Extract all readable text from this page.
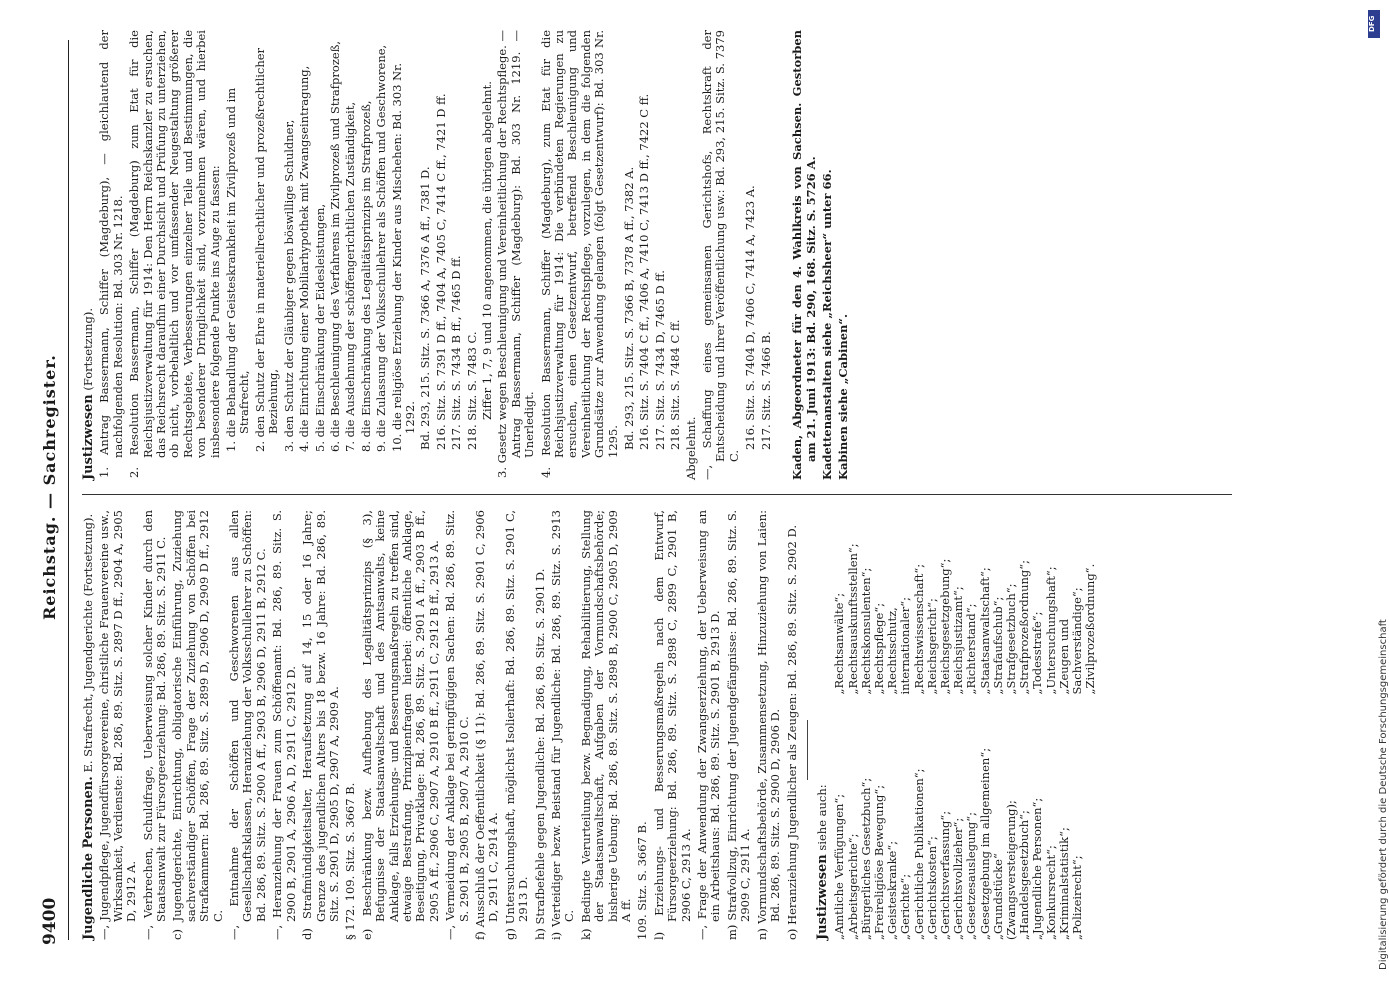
9400
Reichstag. — Sachregister.
Jugendliche Personen. E. Strafrecht, Jugendgerichte (Fortsetzung). —, Jugendpflege, Jugendfürsorgevereine, christliche Frauenvereine usw., Wirksamkeit, Verdienste: Bd. 286, 89. Sitz. S. 2897 D ff., 2904 A, 2905 D, 2912 A. —, Verbrechen, Schuldfrage, Ueberweisung solcher Kinder durch den Staatsanwalt zur Fürsorgeerziehung: Bd. 286, 89. Sitz. S. 2911 C. c) Jugendgerichte, Einrichtung, obligatorische Einführung, Zuziehung sachverständiger Schöffen, Frage der Zuziehung von Schöffen bei Strafkammern: Bd. 286, 89. Sitz. S. 2899 D, 2906 D, 2909 D ff., 2912 C. —, Entnahme der Schöffen und Geschworenen aus allen Gesellschaftsklassen, Heranziehung der Volksschullehrer zu Schöffen: Bd. 286, 89. Sitz. S. 2900 A ff., 2903 B, 2906 D, 2911 B, 2912 C. —, Heranziehung der Frauen zum Schöffenamt: Bd. 286, 89. Sitz. S. 2900 B, 2901 A, 2906 A, D, 2911 C, 2912 D. d) Strafmündigkeitsalter, Heraufsetzung auf 14, 15 oder 16 Jahre; Grenze des jugendlichen Alters bis 18 bezw. 16 Jahre: Bd. 286, 89. Sitz. S. 2901 D, 2905 D, 2907 A, 2909 A. § 172. 109. Sitz. S. 3667 B. e) Beschränkung bezw. Aufhebung des Legalitätsprinzips (§ 3), Befugnisse der Staatsanwaltschaft und des Amtsanwalts, keine Anklage, falls Erziehungs- und Besserungsmaßregeln zu treffen sind, etwaige Bestrafung, Prinzipienfragen hierbei: öffentliche Anklage, Beseitigung, Privatklage: Bd. 286, 89. Sitz. S. 2901 A ff., 2903 B ff., 2905 A ff., 2906 C, 2907 A, 2910 B ff., 2911 C, 2912 B ff., 2913 A. —, Vermeidung der Anklage bei geringfügigen Sachen: Bd. 286, 89. Sitz. S. 2901 B, 2905 B, 2907 A, 2910 C. f) Ausschluß der Oeffentlichkeit (§ 11): Bd. 286, 89. Sitz. S. 2901 C, 2906 D, 2911 C, 2914 A. g) Untersuchungshaft, möglichst Isolierhaft: Bd. 286, 89. Sitz. S. 2901 C, 2913 D. h) Strafbefehle gegen Jugendliche: Bd. 286, 89. Sitz. S. 2901 D. i) Verteidiger bezw. Beistand für Jugendliche: Bd. 286, 89. Sitz. S. 2913 C. k) Bedingte Verurteilung bezw. Begnadigung, Rehabilitierung, Stellung der Staatsanwaltschaft, Aufgaben der Vormundschaftsbehörde; bisherige Uebung: Bd. 286, 89. Sitz. S. 2898 B, 2900 C, 2905 D, 2909 A ff. 109. Sitz. S. 3667 B. l) Erziehungs- und Besserungsmaßregeln nach dem Entwurf, Fürsorgeerziehung: Bd. 286, 89. Sitz. S. 2898 C, 2899 C, 2901 B, 2906 C, 2913 A. —, Frage der Anwendung der Zwangserziehung, der Ueberweisung an ein Arbeitshaus: Bd. 286, 89. Sitz. S. 2901 B, 2913 D. m) Strafvollzug, Einrichtung der Jugendgefängnisse: Bd. 286, 89. Sitz. S. 2909 C, 2911 A. n) Vormundschaftsbehörde, Zusammensetzung, Hinzuziehung von Laien: Bd. 286, 89. Sitz. S. 2900 D, 2906 D. o) Heranziehung Jugendlicher als Zeugen: Bd. 286, 89. Sitz. S. 2902 D. Justizwesen siehe auch: „Amtliche Verfügungen“; „Arbeitsgerichte“; „Bürgerliches Gesetzbuch“; „Freireligiöse Bewegung“; „Geisteskranke“; „Gerichte“; „Gerichtliche Publikationen“; „Gerichtskosten“; „Gerichtsverfassung“; „Gerichtsvollzieher“; „Gesetzesauslegung“; „Gesetzgebung im allgemeinen“; „Grundstücke“ (Zwangsversteigerung); „Handelsgesetzbuch“; „Jugendliche Personen“; „Konkursrecht“; „Kriminalstatistik“; „Polizeirecht“;
„Rechtsanwälte“; „Rechtsauskunftsstellen“; „Rechtskonsulenten“; „Rechtspflege“; „Rechtsschutz, internationaler“; „Rechtswissenschaft“; „Reichsgericht“; „Reichsgesetzgebung“; „Reichsjustizamt“; „Richterstand“; „Staatsanwaltschaft“; „Strafaufschub“; „Strafgesetzbuch“; „Strafprozeßordnung“; „Todesstrafe“; „Untersuchungshaft“; „Zeugen und Sachverständige“; „Zivilprozeßordnung“.
Justizwesen (Fortsetzung).
1. Antrag Bassermann, Schiffer (Magdeburg), — gleichlautend der nachfolgenden Resolution: Bd. 303 Nr. 1218.
2. Resolution Bassermann, Schiffer (Magdeburg) zum Etat für die Reichsjustizverwaltung für 1914: Den Herrn Reichskanzler zu ersuchen, das Reichsrecht daraufhin einer Durchsicht und Prüfung zu unterziehen, ob nicht, vorbehaltlich und vor umfassender Neugestaltung größerer Rechtsgebiete, Verbesserungen einzelner Teile und Bestimmungen, die von besonderer Dringlichkeit sind, vorzunehmen wären, und hierbei insbesondere folgende Punkte ins Auge zu fassen: 1. die Behandlung der Geisteskrankheit im Zivilprozeß und im Strafrecht, 2. den Schutz der Ehre in materiellrechtlicher und prozeßrechtlicher Beziehung, 3. den Schutz der Gläubiger gegen böswillige Schuldner, 4. die Einrichtung einer Mobiliarhypothek mit Zwangseintragung, 5. die Einschränkung der Eidesleistungen, 6. die Beschleunigung des Verfahrens im Zivilprozeß und Strafprozeß, 7. die Ausdehnung der schöffengerichtlichen Zuständigkeit, 8. die Einschränkung des Legalitätsprinzips im Strafprozeß, 9. die Zulassung der Volksschullehrer als Schöffen und Geschworene, 10. die religiöse Erziehung der Kinder aus Mischehen: Bd. 303 Nr. 1292. Bd. 293, 215. Sitz. S. 7366 A, 7376 A ff., 7381 D. 216. Sitz. S. 7391 D ff., 7404 A, 7405 C, 7414 C ff., 7421 D ff. 217. Sitz. S. 7434 B ff., 7465 D ff. 218. Sitz. S. 7483 C. Ziffer 1, 7, 9 und 10 angenommen, die übrigen abgelehnt.
3. Gesetz wegen Beschleunigung und Vereinheitlichung der Rechtspflege. — Antrag Bassermann, Schiffer (Magdeburg): Bd. 303 Nr. 1219. — Unerledigt.
4. Resolution Bassermann, Schiffer (Magdeburg), zum Etat für die Reichsjustizverwaltung für 1914: Die verbündeten Regierungen zu ersuchen, einen Gesetzentwurf, betreffend Beschleunigung und Vereinheitlichung der Rechtspflege, vorzulegen, in dem die folgenden Grundsätze zur Anwendung gelangen (folgt Gesetzentwurf): Bd. 303 Nr. 1295. Bd. 293, 215. Sitz. S. 7366 B, 7378 A ff., 7382 A. 216. Sitz. S. 7404 C ff., 7406 A, 7410 C, 7413 D ff., 7422 C ff. 217. Sitz. S. 7434 D, 7465 D ff. 218. Sitz. S. 7484 C ff. Abgelehnt. —, Schaffung eines gemeinsamen Gerichtshofs, Rechtskraft der Entscheidung und ihrer Veröffentlichung usw.: Bd. 293, 215. Sitz. S. 7379 C.
216. Sitz. S. 7404 D, 7406 C, 7414 A, 7423 A. 217. Sitz. S. 7466 B. Kaden, Abgeordneter für den 4. Wahlkreis von Sachsen. Gestorben am 21. Juni 1913: Bd. 290, 168. Sitz. S. 5726 A. Kadettenanstalten siehe „Reichsheer“ unter 66. Kabinen siehe „Cabinen“.
Digitalisierung gefördert durch die Deutsche Forschungsgemeinschaft
DFG
